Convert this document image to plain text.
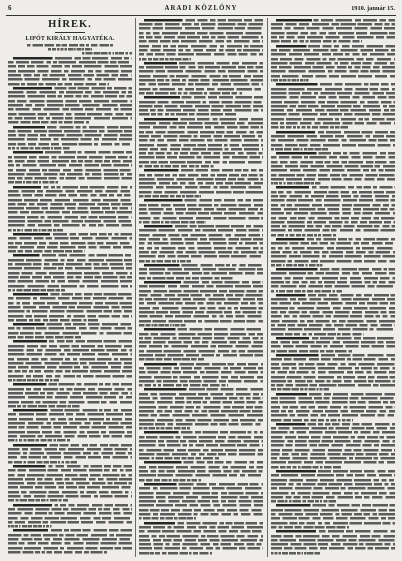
6	ARADI KÖZLÖNY	1910. január 15.
HÍREK.
LIPÓT KIRÁLY HAGYATÉKA.
